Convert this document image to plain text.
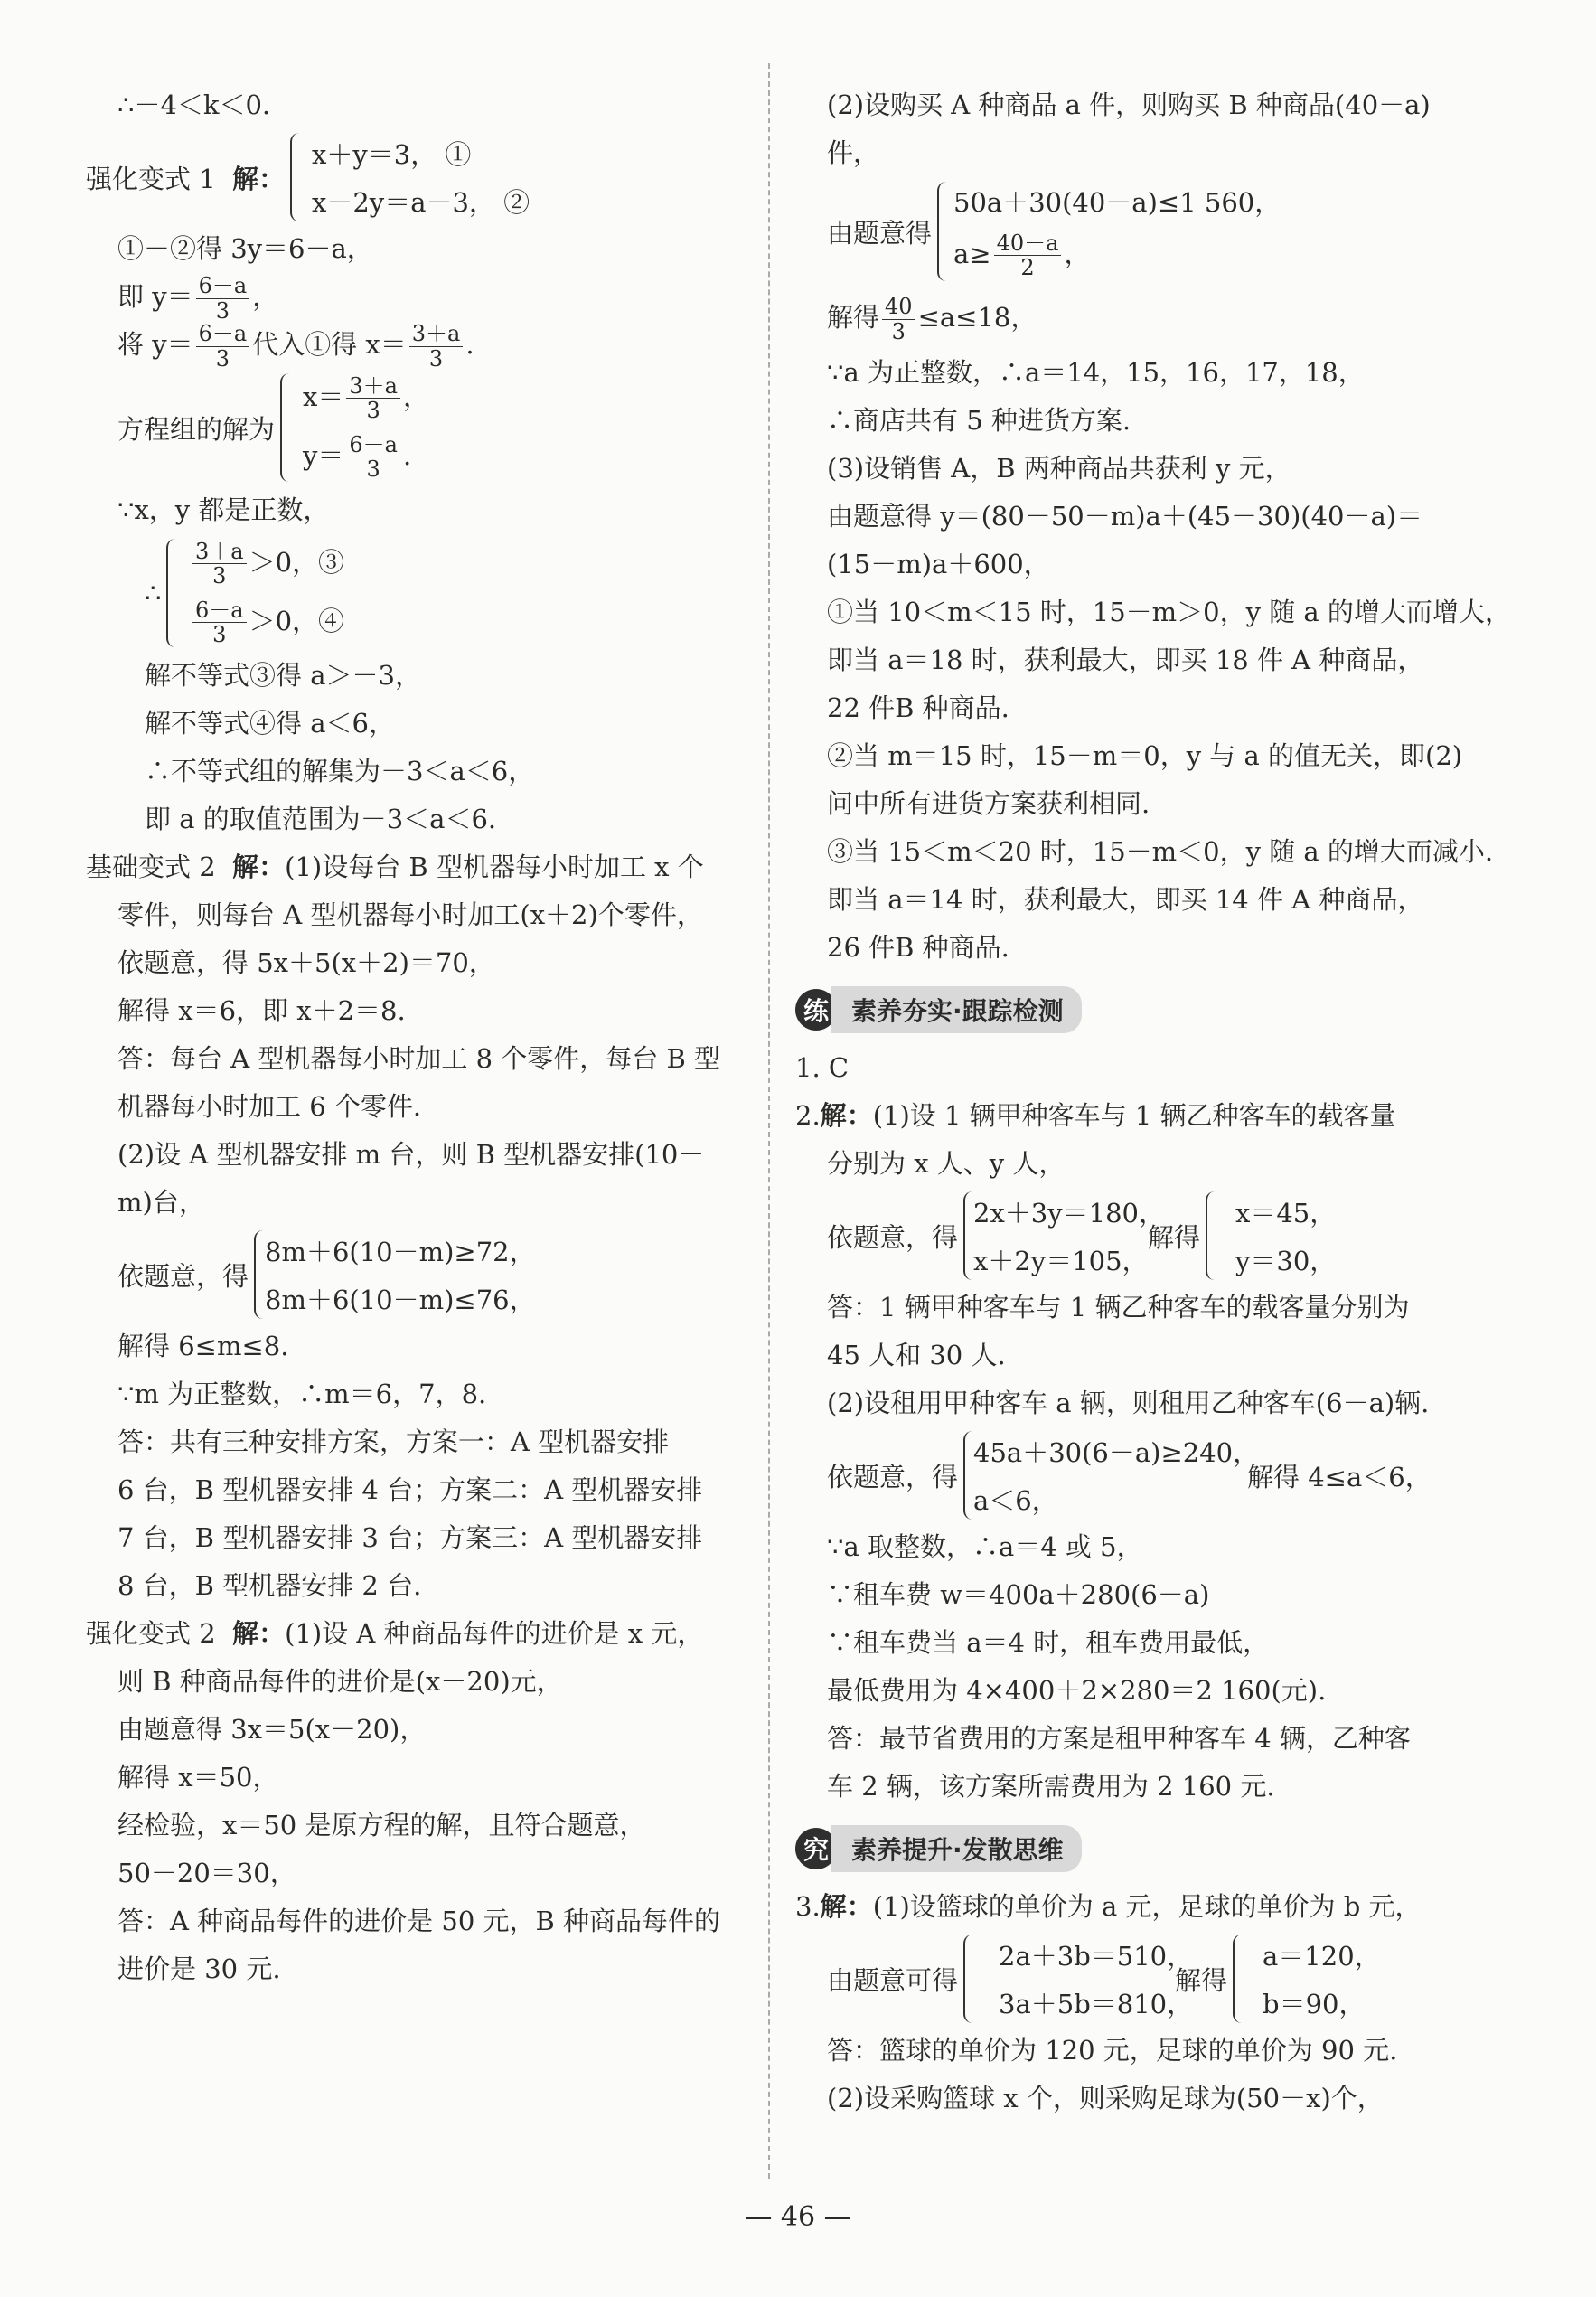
∴－4＜k＜0.
强化变式 1
解：
x＋y＝3， ①
x－2y＝a－3， ②
①－②得 3y＝6－a，
即 $y= \frac{6-a}{3}$ ，
将 $y= \frac{6-a}{3}$ 代入①得 $x= \frac{3+a}{3}$ .
方程组的解为
$x= \frac{3+a}{3}$ ，
$y= \frac{6-a}{3}$ .
∵x，y 都是正数，
∴
$\frac{3+a}{3} >0$，③
$\frac{6-a}{3} >0$，④
解不等式③得 a＞－3，
解不等式④得 a＜6，
∴不等式组的解集为－3＜a＜6，
即 a 的取值范围为－3＜a＜6.
基础变式 2 解：(1)设每台 B 型机器每小时加工 x 个
零件，则每台 A 型机器每小时加工(x＋2)个零件，
依题意，得 5x＋5(x＋2)＝70，
解得 x＝6，即 x＋2＝8.
答：每台 A 型机器每小时加工 8 个零件，每台 B 型
机器每小时加工 6 个零件.
(2)设 A 型机器安排 m 台，则 B 型机器安排(10－
m)台，
依题意，得
8m＋6(10－m)≥72，
8m＋6(10－m)≤76，
解得 6≤m≤8.
∵m 为正整数，∴m＝6，7，8.
答：共有三种安排方案，方案一：A 型机器安排
6 台，B 型机器安排 4 台；方案二：A 型机器安排
7 台，B 型机器安排 3 台；方案三：A 型机器安排
8 台，B 型机器安排 2 台.
强化变式 2 解：(1)设 A 种商品每件的进价是 x 元，
则 B 种商品每件的进价是(x－20)元，
由题意得 3x＝5(x－20)，
解得 x＝50，
经检验，x＝50 是原方程的解，且符合题意，
50－20＝30，
答：A 种商品每件的进价是 50 元，B 种商品每件的
进价是 30 元.
(2)设购买 A 种商品 a 件，则购买 B 种商品(40－a)
件，
由题意得
50a＋30(40－a)≤1 560，
$a\ge \frac{40-a}{2}$ ，
解得 $\frac{40}{3} \le a\le 18$，
∵a 为正整数，∴a＝14，15，16，17，18，
∴商店共有 5 种进货方案.
(3)设销售 A，B 两种商品共获利 y 元，
由题意得 y＝(80－50－m)a＋(45－30)(40－a)＝
(15－m)a＋600，
①当 10＜m＜15 时，15－m＞0，y 随 a 的增大而增大，
即当 a＝18 时，获利最大，即买 18 件 A 种商品，
22 件B 种商品.
②当 m＝15 时，15－m＝0，y 与 a 的值无关，即(2)
问中所有进货方案获利相同.
③当 15＜m＜20 时，15－m＜0，y 随 a 的增大而减小.
即当 a＝14 时，获利最大，即买 14 件 A 种商品，
26 件B 种商品.
练 素养夯实·跟踪检测
1. C
2.解：(1)设 1 辆甲种客车与 1 辆乙种客车的载客量
分别为 x 人、y 人，
依题意，得
2x＋3y＝180，
x＋2y＝105，
解得
x＝45，
y＝30，
答：1 辆甲种客车与 1 辆乙种客车的载客量分别为
45 人和 30 人.
(2)设租用甲种客车 a 辆，则租用乙种客车(6－a)辆.
依题意，得
45a＋30(6－a)≥240，
a＜6，
解得 4≤a＜6，
∵a 取整数，∴a＝4 或 5，
∵租车费 w＝400a＋280(6－a)
∵租车费当 a＝4 时，租车费用最低，
最低费用为 4×400＋2×280＝2 160(元).
答：最节省费用的方案是租甲种客车 4 辆，乙种客
车 2 辆，该方案所需费用为 2 160 元.
究 素养提升·发散思维
3.解：(1)设篮球的单价为 a 元，足球的单价为 b 元，
由题意可得
2a＋3b＝510，
3a＋5b＝810，
解得
a＝120，
b＝90，
答：篮球的单价为 120 元，足球的单价为 90 元.
(2)设采购篮球 x 个，则采购足球为(50－x)个，
— 46 —
